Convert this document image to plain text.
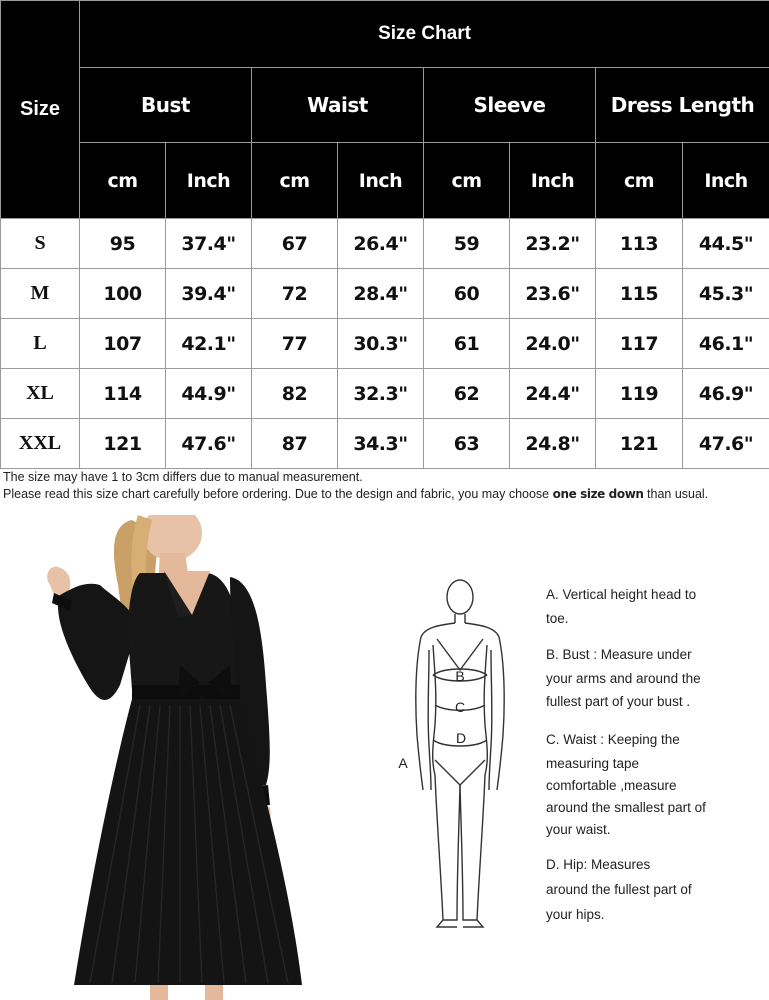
Size	Size Chart							
	Bust		Waist		Sleeve		Dress Length	
	cm	Inch	cm	Inch	cm	Inch	cm	Inch
S	95	37.4"	67	26.4"	59	23.2"	113	44.5"
M	100	39.4"	72	28.4"	60	23.6"	115	45.3"
L	107	42.1"	77	30.3"	61	24.0"	117	46.1"
XL	114	44.9"	82	32.3"	62	24.4"	119	46.9"
XXL	121	47.6"	87	34.3"	63	24.8"	121	47.6"
The size may have 1 to 3cm differs due to manual measurement.
Please read this size chart carefully before ordering. Due to the design and fabric, you may choose one size down than usual.
B
C
D
A
A. Vertical height head to
toe.
B. Bust : Measure under
your arms and around the
fullest part of your bust .
C. Waist : Keeping the
measuring tape
comfortable ,measure
around the smallest part of
your waist.
D. Hip: Measures
around the fullest part of
your hips.
